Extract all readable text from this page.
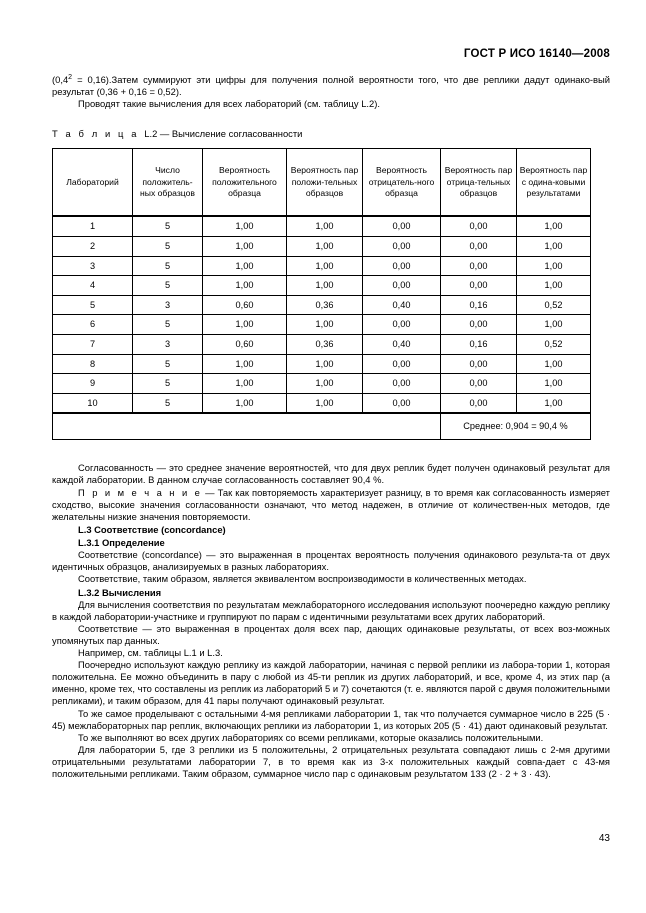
ГОСТ Р ИСО 16140—2008

($0,4^2$ = 0,16).Затем суммируют эти цифры для получения полной вероятности того, что две реплики дадут одинако-вый результат (0,36 + 0,16 = 0,52).

Проводят такие вычисления для всех лабораторий (см. таблицу L.2).

Т а б л и ц а L.2 — Вычисление согласованности
Лабораторий	Число положитель-ных образцов	Вероятность положительного образца	Вероятность пар положи-тельных образцов	Вероятность отрицатель-ного образца	Вероятность пар отрица-тельных образцов	Вероятность пар с одина-ковыми результатами
1	5	1,00	1,00	0,00	0,00	1,00
2	5	1,00	1,00	0,00	0,00	1,00
3	5	1,00	1,00	0,00	0,00	1,00
4	5	1,00	1,00	0,00	0,00	1,00
5	3	0,60	0,36	0,40	0,16	0,52
6	5	1,00	1,00	0,00	0,00	1,00
7	3	0,60	0,36	0,40	0,16	0,52
8	5	1,00	1,00	0,00	0,00	1,00
9	5	1,00	1,00	0,00	0,00	1,00
10	5	1,00	1,00	0,00	0,00	1,00
					Среднее: 0,904 = 90,4 %	

Согласованность — это среднее значение вероятностей, что для двух реплик будет получен одинаковый результат для каждой лаборатории. В данном случае согласованность составляет 90,4 %.

П р и м е ч а н и е — Так как повторяемость характеризует разницу, в то время как согласованность измеряет сходство, высокие значения согласованности означают, что метод надежен, в отличие от количествен-ных методов, где желательны низкие значения повторяемости.

L.3 Соответствие (concordance)

L.3.1 Определение

Соответствие (concordance) — это выраженная в процентах вероятность получения одинакового результа-та от двух идентичных образцов, анализируемых в разных лабораториях.

Соответствие, таким образом, является эквивалентом воспроизводимости в количественных методах.

L.3.2 Вычисления

Для вычисления соответствия по результатам межлабораторного исследования используют поочередно каждую реплику в каждой лаборатории-участнике и группируют по парам с идентичными результатами всех других лабораторий.

Соответствие — это выраженная в процентах доля всех пар, дающих одинаковые результаты, от всех воз-можных упомянутых пар данных.

Например, см. таблицы L.1 и L.3.

Поочередно используют каждую реплику из каждой лаборатории, начиная с первой реплики из лабора-тории 1, которая положительна. Ее можно объединить в пару с любой из 45-ти реплик из других лабораторий, и все, кроме 4, из этих пар (а именно, кроме тех, что составлены из реплик из лабораторий 5 и 7) сочетаются (т. е. являются парой с двумя положительными репликами), и таким образом, для 41 пары получают одинаковый результат.

То же самое проделывают с остальными 4-мя репликами лаборатории 1, так что получается суммарное число в 225 (5 · 45) межлабораторных пар реплик, включающих реплики из лаборатории 1, из которых 205 (5 · 41) дают одинаковый результат.

То же выполняют во всех других лабораториях со всеми репликами, которые оказались положительными.

Для лаборатории 5, где 3 реплики из 5 положительны, 2 отрицательных результата совпадают лишь с 2-мя другими отрицательными результатами лаборатории 7, в то время как из 3-х положительных каждый совпа-дает с 43-мя положительными репликами. Таким образом, суммарное число пар с одинаковым результатом 133 (2 · 2 + 3 · 43).

43
